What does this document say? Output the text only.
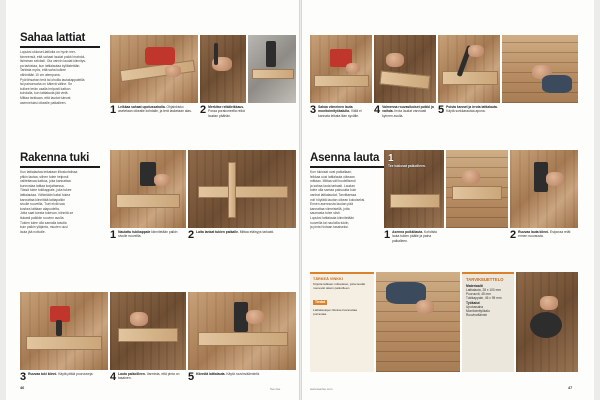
Sahaa lattiat
Lopuksi ukkoset-lattioita on hyvin mer-
kinneensä, että sahaat laudat poikki mahdol-
lisimman selvästi. Ota vahvin laudat kiinnitys-
pa tarkistaa, kun lattialautaa kyllästetään.
Tarkista myös, että saha kulkee
vähintään 10 cm alempana.
Pyöröhsahan terä tai ohuilla lautakappaleilla
tai painonsaha on kätevä väline. Se
kulkee terän osalla helposti katkon
kohdalla, kun lattialauta jää vielä.
Mittaa tarkkaan, että laudat tulevat
asennetuksi oikealle paikalleen.
1 Leikkaa sahaat upotussahalla. Ohjainkisko asetetaan oikealle kohdalle, ja terä lasketaan alas. 2 Merkitse reikäleikkaus. Poraa porakoneella reikä laudan päähän.	3 Sahaa viimeinen lauta monitoimityökalulla. Väliä ei kannata leikata liian syvälle.	4 Vaimenna rouvasikoiset poikki ja vaihda. Irrota laudat varovasti kynnen avulla.	5 Poista kannet ja irrota lattialauta. Käytä sorkkarautaa apuna.
Rakenna tuki
Kun lattialautaa leikataan liitoskohdissa
pitkin lautaa, siihen tulee helposti
valitettavaa katkoa, joka kannattaa
kunnostaa lattiaa korjattaessa.
Tässä tulee tukikappale, joka tukee
lattialautaa. Vähintään kaksi tukea
kannattaa kiinnittää lattiapalkin
sivulle ruuveilla. Tuet eivät saa
koskea lattiaan alapuolelta.
Jotta saat tuesta tukevan, kiinnitä se
tiukasti palkkiin ruuvien avulla.
Tukien tulee olla samalla tasolla
kuin palkin yläpinta, muuten uusi
lauta jää notkolle.	1 Naulattu tukikappale kiinnitetään palkin sivulle ruuveilla.	2 Laita lankat tukien paikalle. Mittaa etäisyys tarkasti.
3 Ruuvaa tuki kiinni. Käytä pitkiä puuruuveja.	4 Lauta paikoilleen. Varmista, että pinta on tasainen.	5 Kiinnitä lattialauta. Käytä ruuvinväännintä.
Asenna lauta
Kun tukiosat ovat paikallaan,
leikkaa uusi lattialauta oikeaan
mittaan. Mittaa väli huolellisesti
ja sahaa lauta tarkasti. Laudan
tulee olla samaa paksuutta kuin
vanhat lattialaudat. Tarvittaessa
voit höylätä laudan oikean kokoiseksi.
Ennen asennusta laudan pää
kannattaa viimeistellä, jotta
saumasta tulee siisti.
Lopuksi lattialauta kiinnitetään
ruuveilla tai nauloilla tukiin,
ja pinta hiotaan tasaiseksi.
1
Tee tukiosat paikoilleen.
1 Asenna poikkilauta. Kohdista lauta tukien päälle ja paina paikalleen.	2 Ruuvaa lauta kiinni. Esiporaa reiät ennen ruuvausta.
TÄRKEÄ VINKKI
Kirjoita lattiaan mittaukset, jotta laudat menevät oikein paikoilleen.
Tiedot
Lattialautojen liitokset kannattaa porrastaa.
TARVIKEUETTELO
Materiaalit
Lattialauta, 28 x 100 mm
Puuruuvit, 45 mm
Tukikappale, 45 x 95 mm
Työkalut
Upotussaha
Monitoimityökalu
Ruuvinväännin
46	Tee itse	www.teeitse.com	47
